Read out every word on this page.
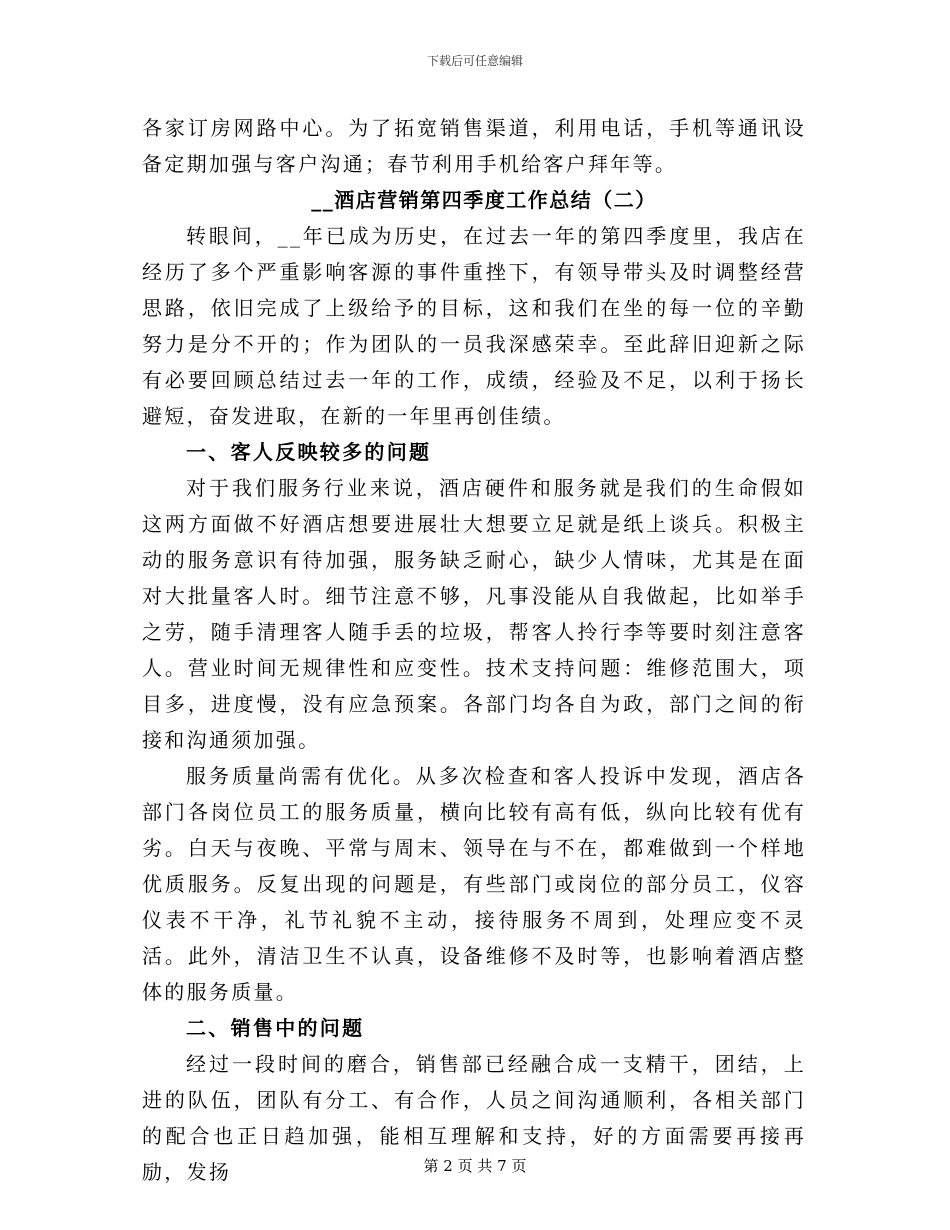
下载后可任意编辑

各家订房网路中心。为了拓宽销售渠道，利用电话，手机等通讯设备定期加强与客户沟通；春节利用手机给客户拜年等。

__酒店营销第四季度工作总结（二）

转眼间，__年已成为历史，在过去一年的第四季度里，我店在经历了多个严重影响客源的事件重挫下，有领导带头及时调整经营思路，依旧完成了上级给予的目标，这和我们在坐的每一位的辛勤努力是分不开的；作为团队的一员我深感荣幸。至此辞旧迎新之际有必要回顾总结过去一年的工作，成绩，经验及不足，以利于扬长避短，奋发进取，在新的一年里再创佳绩。

一、客人反映较多的问题

对于我们服务行业来说，酒店硬件和服务就是我们的生命假如这两方面做不好酒店想要进展壮大想要立足就是纸上谈兵。积极主动的服务意识有待加强，服务缺乏耐心，缺少人情味，尤其是在面对大批量客人时。细节注意不够，凡事没能从自我做起，比如举手之劳，随手清理客人随手丢的垃圾，帮客人拎行李等要时刻注意客人。营业时间无规律性和应变性。技术支持问题：维修范围大，项目多，进度慢，没有应急预案。各部门均各自为政，部门之间的衔接和沟通须加强。

服务质量尚需有优化。从多次检查和客人投诉中发现，酒店各部门各岗位员工的服务质量，横向比较有高有低，纵向比较有优有劣。白天与夜晚、平常与周末、领导在与不在，都难做到一个样地优质服务。反复出现的问题是，有些部门或岗位的部分员工，仪容仪表不干净，礼节礼貌不主动，接待服务不周到，处理应变不灵活。此外，清洁卫生不认真，设备维修不及时等，也影响着酒店整体的服务质量。

二、销售中的问题

经过一段时间的磨合，销售部已经融合成一支精干，团结，上进的队伍，团队有分工、有合作，人员之间沟通顺利，各相关部门的配合也正日趋加强，能相互理解和支持，好的方面需要再接再励，发扬	第 2 页 共 7 页
